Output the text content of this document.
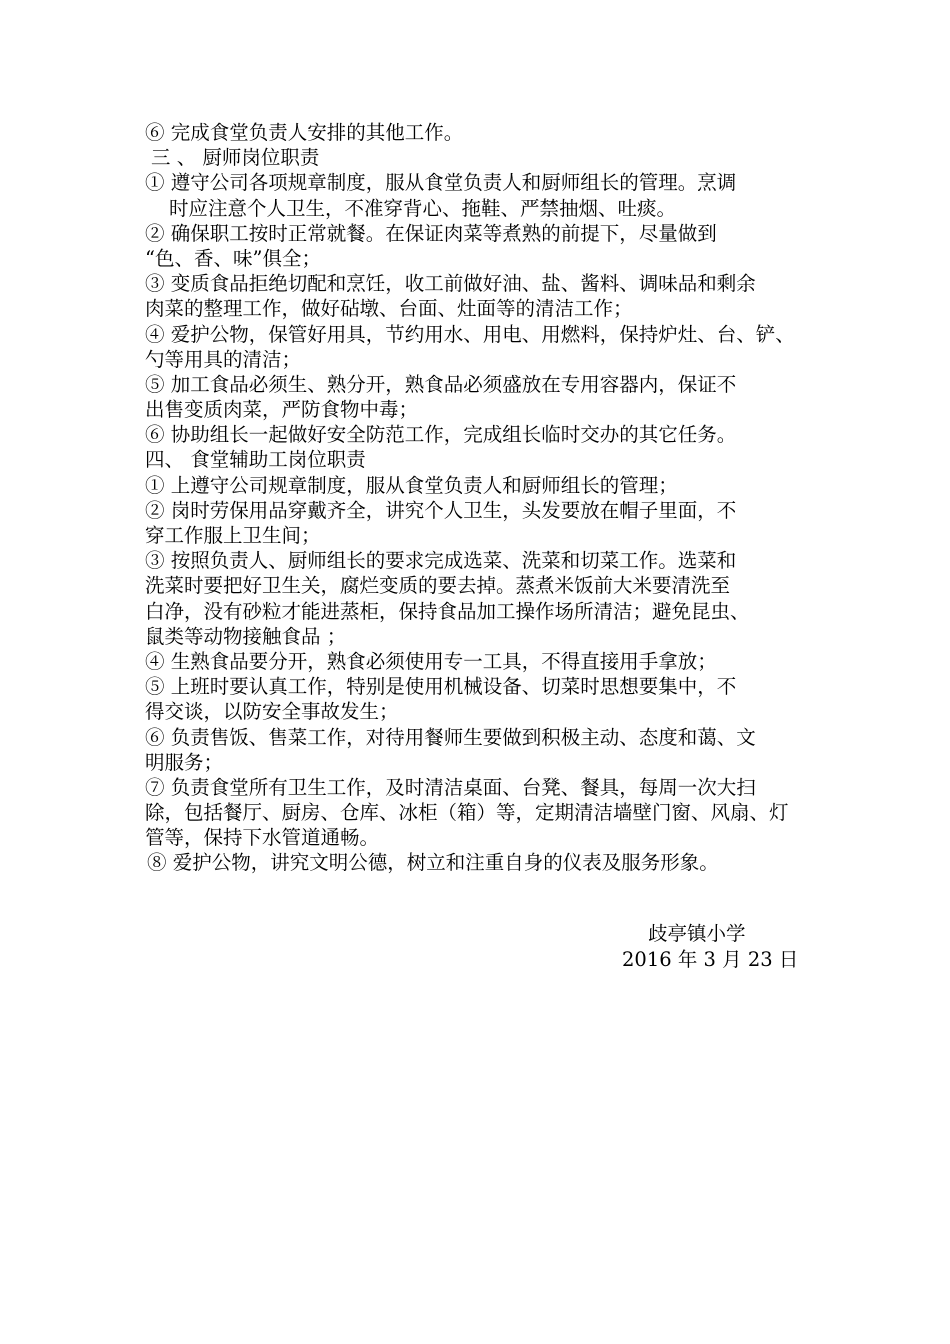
⑥ 完成食堂负责人安排的其他工作。
三 、 厨师岗位职责
① 遵守公司各项规章制度，服从食堂负责人和厨师组长的管理。烹调
时应注意个人卫生，不准穿背心、拖鞋、严禁抽烟、吐痰。
② 确保职工按时正常就餐。在保证肉菜等煮熟的前提下，尽量做到
“色、香、味”俱全；
③ 变质食品拒绝切配和烹饪，收工前做好油、盐、酱料、调味品和剩余
肉菜的整理工作，做好砧墩、台面、灶面等的清洁工作；
④ 爱护公物，保管好用具，节约用水、用电、用燃料，保持炉灶、台、铲、
勺等用具的清洁；
⑤ 加工食品必须生、熟分开，熟食品必须盛放在专用容器内，保证不
出售变质肉菜，严防食物中毒；
⑥ 协助组长一起做好安全防范工作，完成组长临时交办的其它任务。
四、 食堂辅助工岗位职责
① 上遵守公司规章制度，服从食堂负责人和厨师组长的管理；
② 岗时劳保用品穿戴齐全，讲究个人卫生，头发要放在帽子里面，不
穿工作服上卫生间；
③ 按照负责人、厨师组长的要求完成选菜、洗菜和切菜工作。选菜和
洗菜时要把好卫生关，腐烂变质的要去掉。蒸煮米饭前大米要清洗至
白净，没有砂粒才能进蒸柜，保持食品加工操作场所清洁；避免昆虫、
鼠类等动物接触食品 ；
④ 生熟食品要分开，熟食必须使用专一工具，不得直接用手拿放；
⑤ 上班时要认真工作，特别是使用机械设备、切菜时思想要集中，不
得交谈，以防安全事故发生；
⑥ 负责售饭、售菜工作，对待用餐师生要做到积极主动、态度和蔼、文
明服务；
⑦ 负责食堂所有卫生工作，及时清洁桌面、台凳、餐具，每周一次大扫
除，包括餐厅、厨房、仓库、冰柜（箱）等，定期清洁墙壁门窗、风扇、灯
管等，保持下水管道通畅。
⑧ 爱护公物，讲究文明公德，树立和注重自身的仪表及服务形象。
歧亭镇小学
2016 年 3 月 23 日
